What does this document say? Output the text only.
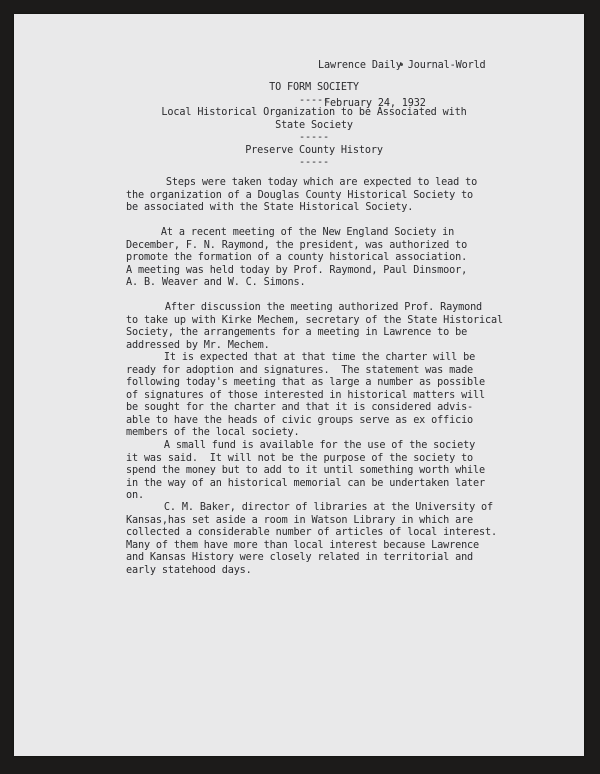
Lawrence Daily Journal-World

February 24, 1932

TO FORM SOCIETY
-----
Local Historical Organization to be Associated with
State Society
-----
Preserve County History
-----
Steps were taken today which are expected to lead to
the organization of a Douglas County Historical Society to
be associated with the State Historical Society.
At a recent meeting of the New England Society in
December, F. N. Raymond, the president, was authorized to
promote the formation of a county historical association.
A meeting was held today by Prof. Raymond, Paul Dinsmoor,
A. B. Weaver and W. C. Simons.
After discussion the meeting authorized Prof. Raymond
to take up with Kirke Mechem, secretary of the State Historical
Society, the arrangements for a meeting in Lawrence to be
addressed by Mr. Mechem.
It is expected that at that time the charter will be
ready for adoption and signatures.  The statement was made
following today's meeting that as large a number as possible
of signatures of those interested in historical matters will
be sought for the charter and that it is considered advis-
able to have the heads of civic groups serve as ex officio
members of the local society.
A small fund is available for the use of the society
it was said.  It will not be the purpose of the society to
spend the money but to add to it until something worth while
in the way of an historical memorial can be undertaken later
on.
C. M. Baker, director of libraries at the University of
Kansas,has set aside a room in Watson Library in which are
collected a considerable number of articles of local interest.
Many of them have more than local interest because Lawrence
and Kansas History were closely related in territorial and
early statehood days.
